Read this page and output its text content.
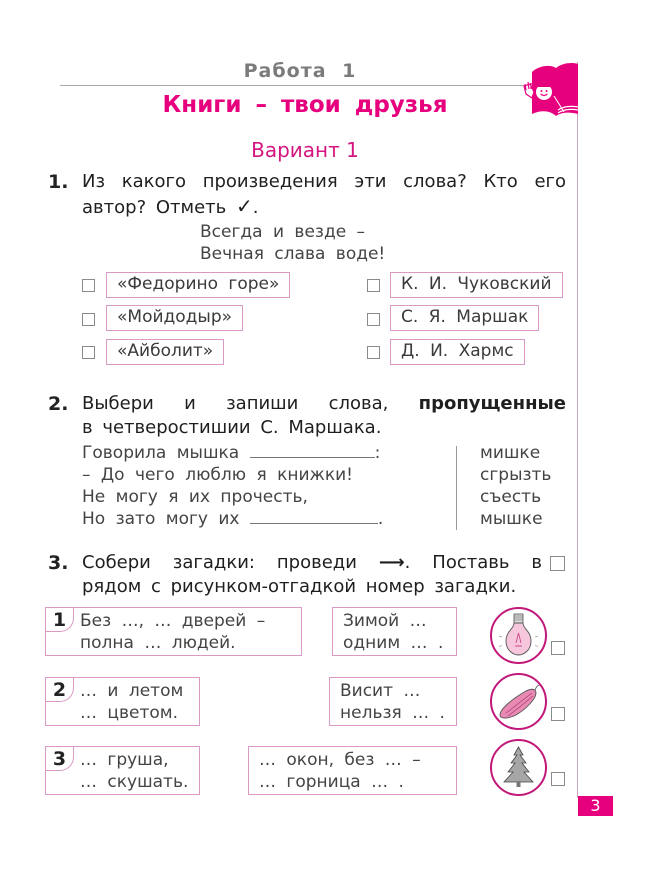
Работа 1
Книги – твои друзья
Вариант 1
1. Из какого произведения эти слова? Кто его
автор? Отметь ✓.
Всегда и везде –
Вечная слава воде!
«Федорино горе»
«Мойдодыр»
«Айболит»
К. И. Чуковский
С. Я. Маршак
Д. И. Хармс
2. Выбери и запиши слова, пропущенные
в четверостишии С. Маршака.
Говорила мышка	:
– До чего люблю я книжки!
Не могу я их прочесть,
Но зато могу их	.
мишке
сгрызть
съесть
мышке
3. Собери загадки: проведи ⟶. Поставь в
рядом с рисунком-отгадкой номер загадки.
1 Без …, … дверей –
полна … людей.
2 … и летом
… цветом.
3 … груша,
… скушать.
Зимой …
одним … .
Висит …
нельзя … .
… окон, без … –
… горница … .
3
